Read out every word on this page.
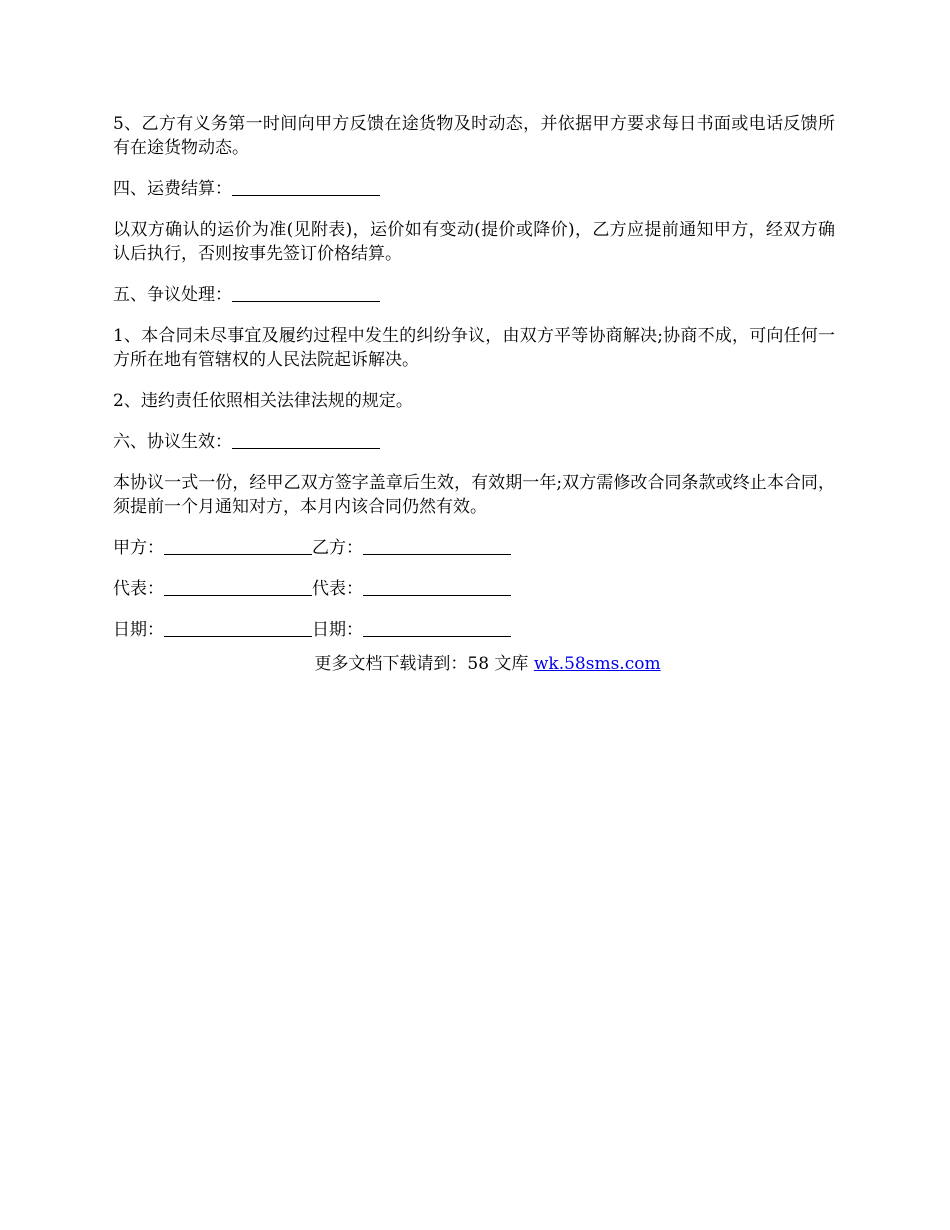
5、乙方有义务第一时间向甲方反馈在途货物及时动态，并依据甲方要求每日书面或电话反馈所有在途货物动态。

四、运费结算：

以双方确认的运价为准(见附表)，运价如有变动(提价或降价)，乙方应提前通知甲方，经双方确认后执行，否则按事先签订价格结算。

五、争议处理：

1、本合同未尽事宜及履约过程中发生的纠纷争议，由双方平等协商解决;协商不成，可向任何一方所在地有管辖权的人民法院起诉解决。

2、违约责任依照相关法律法规的规定。

六、协议生效：

本协议一式一份，经甲乙双方签字盖章后生效，有效期一年;双方需修改合同条款或终止本合同，须提前一个月通知对方，本月内该合同仍然有效。

甲方：	乙方：
代表：	代表：
日期：	日期：
更多文档下载请到：58 文库 wk.58sms.com
